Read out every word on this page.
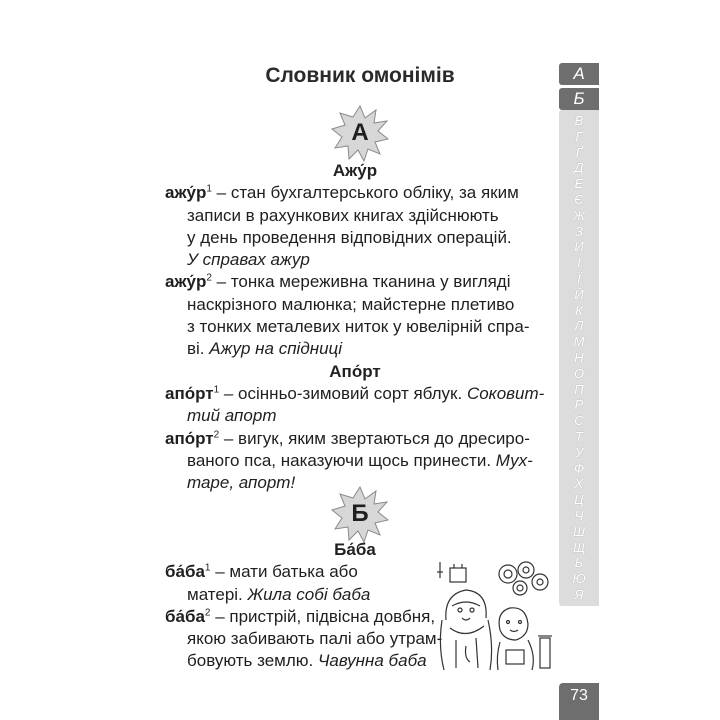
Словник омонімів
А
Ажу́р
$ажу́р^1$ – стан бухгалтерського обліку, за яким
записи в рахункових книгах здійснюють
у день проведення відповідних операцій.
У справах ажур
$ажу́р^2$ – тонка мереживна тканина у вигляді
наскрізного малюнка; майстерне плетиво
з тонких металевих ниток у ювелірній спра-
ві. Ажур на спідниці
Апо́рт
$апо́рт^1$ – осінньо-зимовий сорт яблук. Соковит-
тий апорт
$апо́рт^2$ – вигук, яким звертаються до дресиро-
ваного пса, наказуючи щось принести. Мух-
таре, апорт!
Б
Ба́ба
$ба́ба^1$ – мати батька або
матері. Жила собі баба
$ба́ба^2$ – пристрій, підвісна довбня,
якою забивають палі або утрам-
бовують землю. Чавунна баба
А
Б
В
Г
Ґ
Д
Е
Є
Ж
З
И
І
Ї
Й
К
Л
М
Н
О
П
Р
С
Т
У
Ф
Х
Ц
Ч
Ш
Щ
Ь
Ю
Я
73
